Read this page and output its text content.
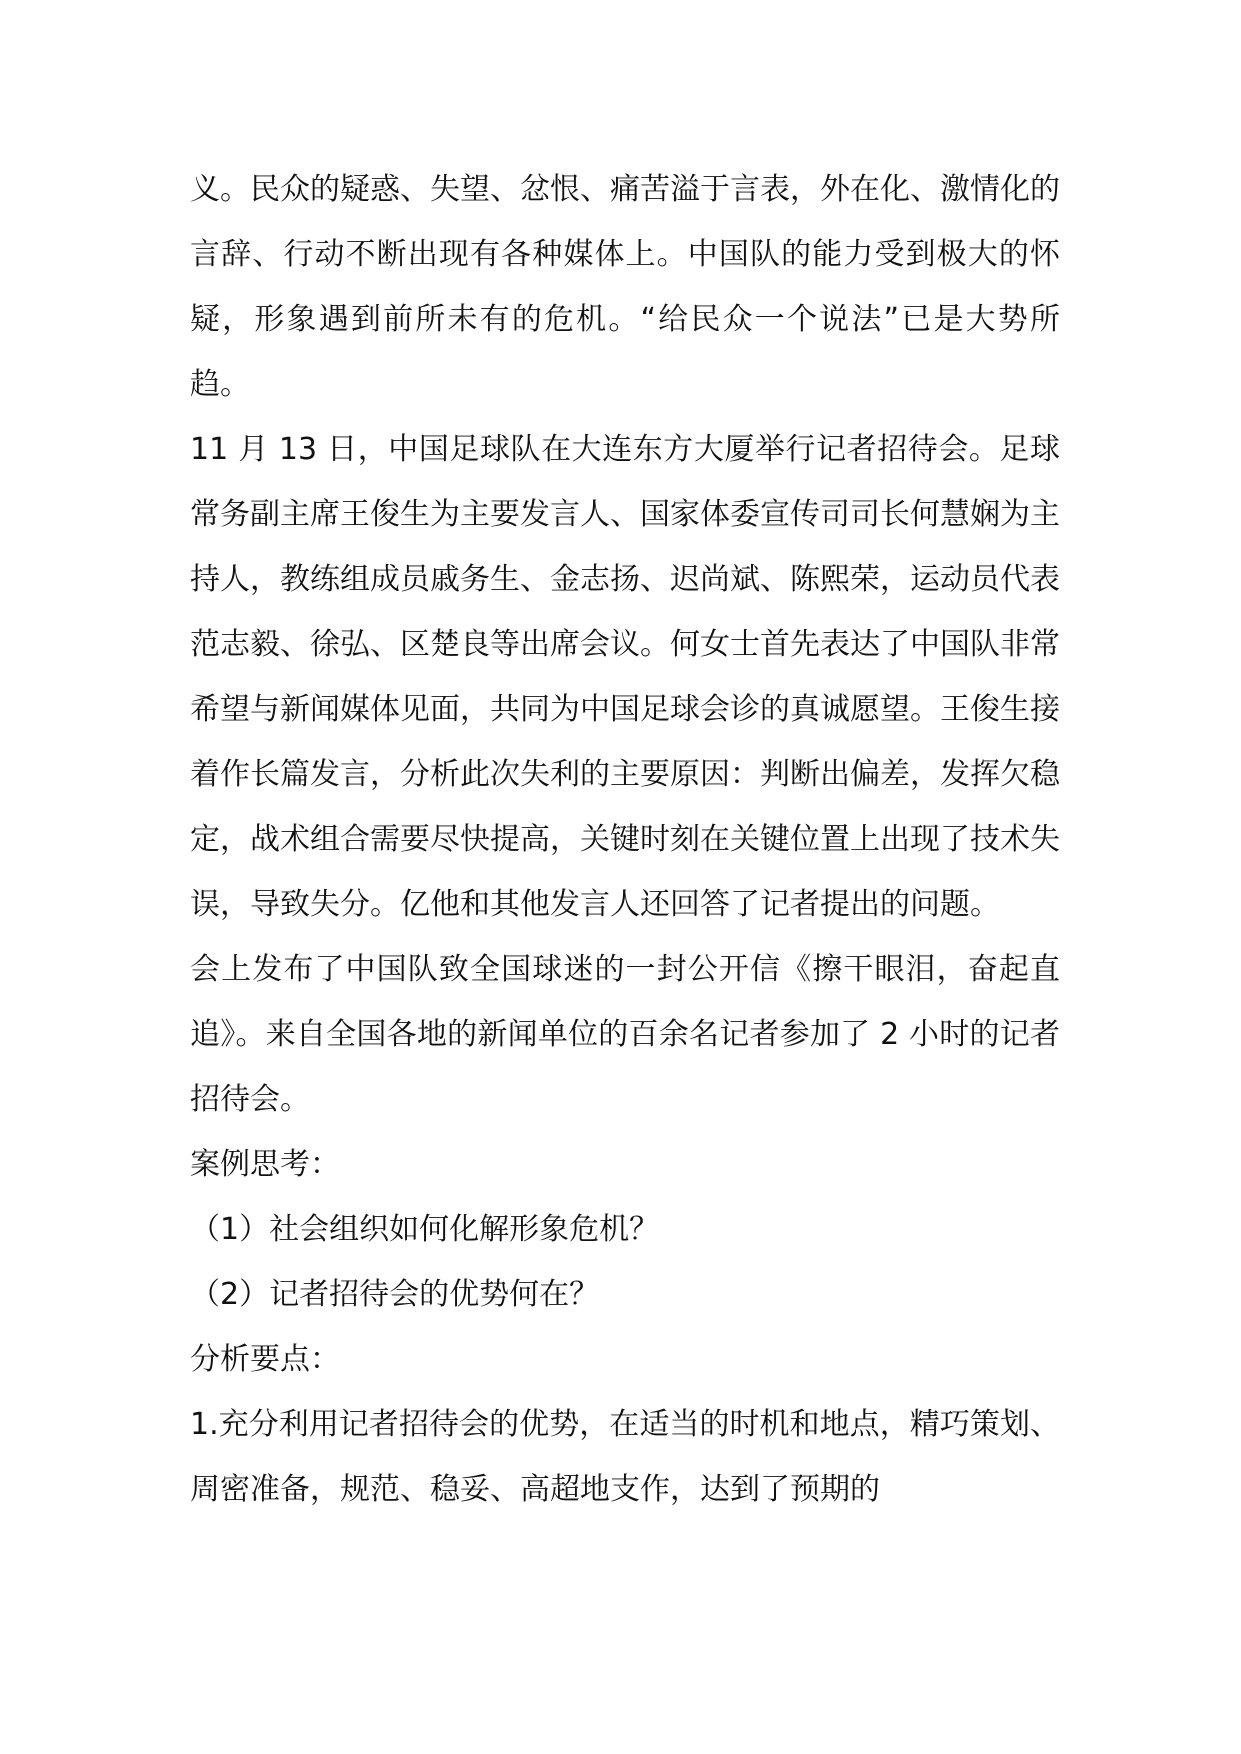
义。民众的疑惑、失望、忿恨、痛苦溢于言表，外在化、激情化的言辞、行动不断出现有各种媒体上。中国队的能力受到极大的怀疑，形象遇到前所未有的危机。“给民众一个说法”已是大势所趋。

11 月 13 日，中国足球队在大连东方大厦举行记者招待会。足球常务副主席王俊生为主要发言人、国家体委宣传司司长何慧娴为主持人，教练组成员戚务生、金志扬、迟尚斌、陈熙荣，运动员代表范志毅、徐弘、区楚良等出席会议。何女士首先表达了中国队非常希望与新闻媒体见面，共同为中国足球会诊的真诚愿望。王俊生接着作长篇发言，分析此次失利的主要原因：判断出偏差，发挥欠稳定，战术组合需要尽快提高，关键时刻在关键位置上出现了技术失误，导致失分。亿他和其他发言人还回答了记者提出的问题。

会上发布了中国队致全国球迷的一封公开信《擦干眼泪，奋起直追》。来自全国各地的新闻单位的百余名记者参加了 2 小时的记者招待会。

案例思考：

（1）社会组织如何化解形象危机？

（2）记者招待会的优势何在？

分析要点：

1.充分利用记者招待会的优势，在适当的时机和地点，精巧策划、周密准备，规范、稳妥、高超地支作，达到了预期的
